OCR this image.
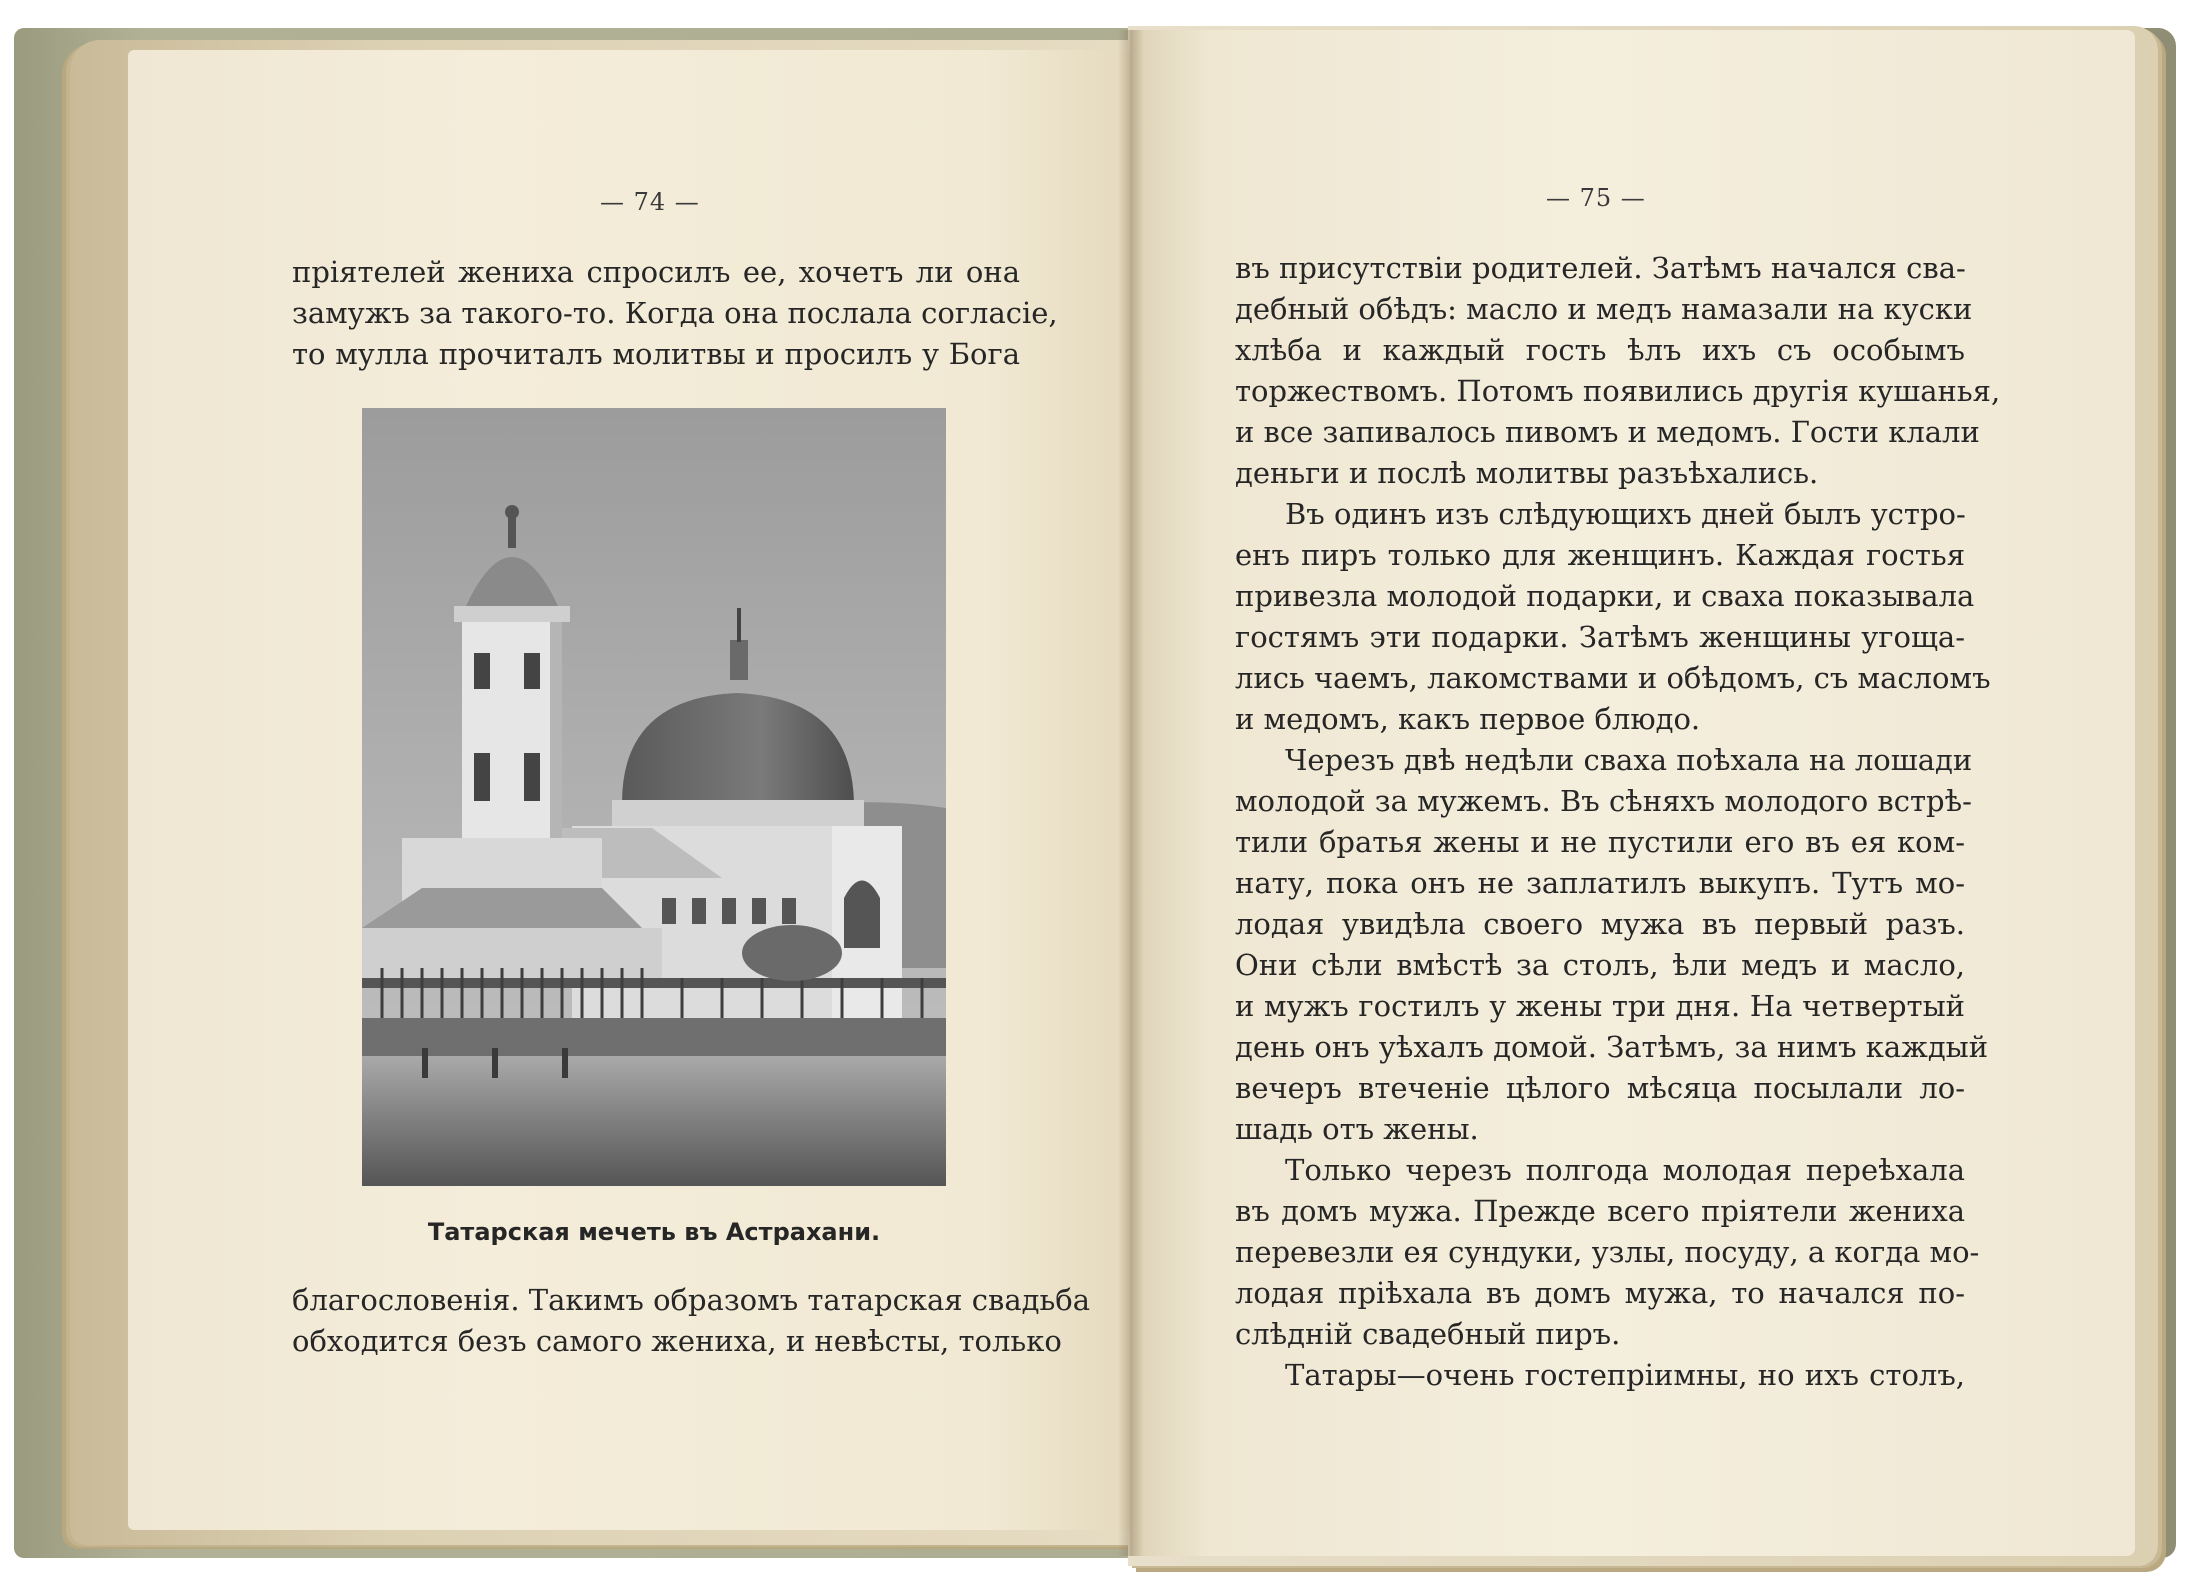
— 74 —
пріятелей жениха спросилъ ее, хочетъ ли она
замужъ за такого-то. Когда она послала согласіе,
то мулла прочиталъ молитвы и просилъ у Бога
Татарская мечеть въ Астрахани.
благословенія. Такимъ образомъ татарская свадьба
обходится безъ самого жениха, и невѣсты, только
— 75 —
въ присутствіи родителей. Затѣмъ начался сва-
дебный обѣдъ: масло и медъ намазали на куски
хлѣба и каждый гость ѣлъ ихъ съ особымъ
торжествомъ. Потомъ появились другія кушанья,
и все запивалось пивомъ и медомъ. Гости клали
деньги и послѣ молитвы разъѣхались.
Въ одинъ изъ слѣдующихъ дней былъ устро-
енъ пиръ только для женщинъ. Каждая гостья
привезла молодой подарки, и сваха показывала
гостямъ эти подарки. Затѣмъ женщины угоща-
лись чаемъ, лакомствами и обѣдомъ, съ масломъ
и медомъ, какъ первое блюдо.
Черезъ двѣ недѣли сваха поѣхала на лошади
молодой за мужемъ. Въ сѣняхъ молодого встрѣ-
тили братья жены и не пустили его въ ея ком-
нату, пока онъ не заплатилъ выкупъ. Тутъ мо-
лодая увидѣла своего мужа въ первый разъ.
Они сѣли вмѣстѣ за столъ, ѣли медъ и масло,
и мужъ гостилъ у жены три дня. На четвертый
день онъ уѣхалъ домой. Затѣмъ, за нимъ каждый
вечеръ втеченіе цѣлого мѣсяца посылали ло-
шадь отъ жены.
Только черезъ полгода молодая переѣхала
въ домъ мужа. Прежде всего пріятели жениха
перевезли ея сундуки, узлы, посуду, а когда мо-
лодая пріѣхала въ домъ мужа, то начался по-
слѣдній свадебный пиръ.
Татары—очень гостепріимны, но ихъ столъ,
